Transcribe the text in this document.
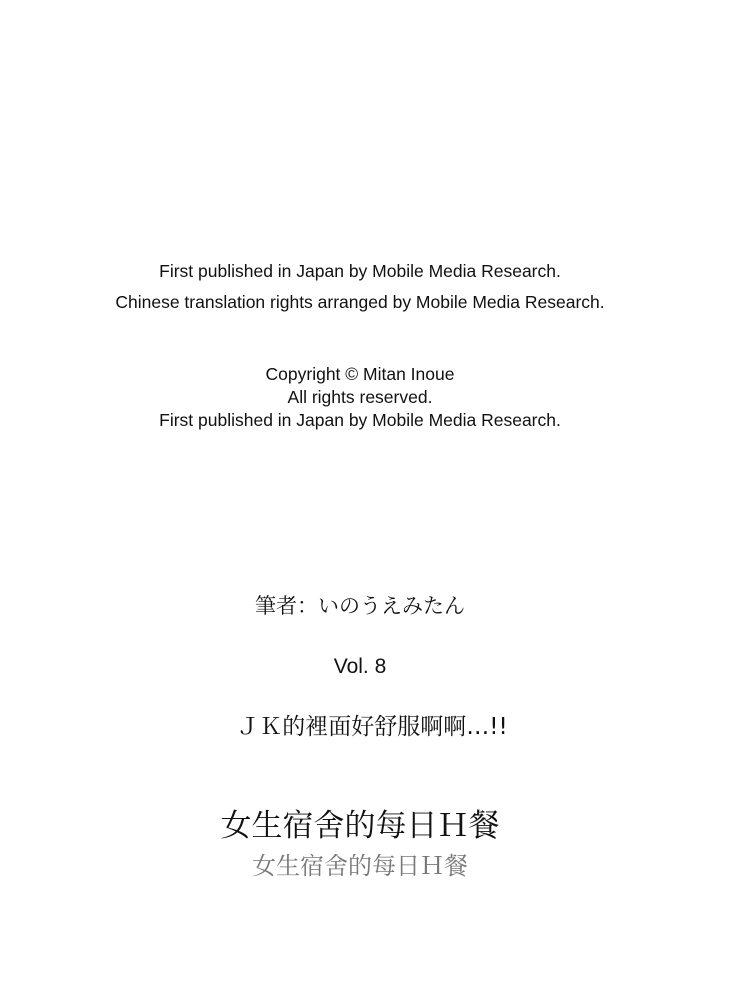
First published in Japan by Mobile Media Research.
Chinese translation rights arranged by Mobile Media Research.
Copyright © Mitan Inoue
All rights reserved.
First published in Japan by Mobile Media Research.
筆者：いのうえみたん
Vol. 8
ＪＫ的裡面好舒服啊啊…!!
女生宿舍的每日Ｈ餐
女生宿舍的每日Ｈ餐
